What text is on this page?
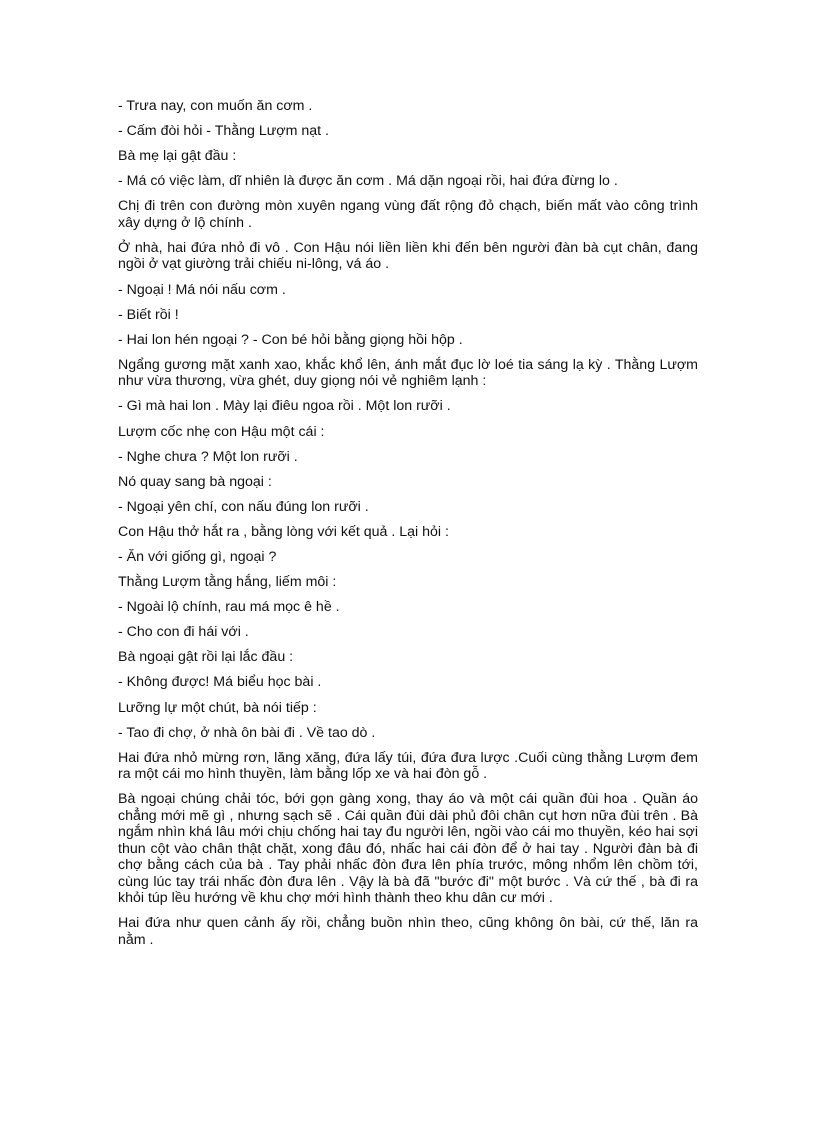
- Trưa nay, con muốn ăn cơm .

- Cấm đòi hỏi - Thằng Lượm nạt .

Bà mẹ lại gật đầu :

- Má có việc làm, dĩ nhiên là được ăn cơm . Má dặn ngoại rồi, hai đứa đừng lo .

Chị đi trên con đường mòn xuyên ngang vùng đất rộng đỏ chạch, biến mất vào công trình xây dựng ở lộ chính .

Ở nhà, hai đứa nhỏ đi vô . Con Hậu nói liền liền khi đến bên người đàn bà cụt chân, đang ngồi ở vạt giường trải chiếu ni-lông, vá áo .

- Ngoại ! Má nói nấu cơm .

- Biết rồi !

- Hai lon hén ngoại ? - Con bé hỏi bằng giọng hồi hộp .

Ngẩng gương mặt xanh xao, khắc khổ lên, ánh mắt đục lờ loé tia sáng lạ kỳ . Thằng Lượm như vừa thương, vừa ghét, duy giọng nói vẻ nghiêm lạnh :

- Gì mà hai lon . Mày lại điêu ngoa rồi . Một lon rưỡi .

Lượm cốc nhẹ con Hậu một cái :

- Nghe chưa ? Một lon rưỡi .

Nó quay sang bà ngoại :

- Ngoại yên chí, con nấu đúng lon rưỡi .

Con Hậu thở hắt ra , bằng lòng với kết quả . Lại hỏi :

- Ăn với giống gì, ngoại ?

Thằng Lượm tằng hắng, liếm môi :

- Ngoài lộ chính, rau má mọc ê hề .

- Cho con đi hái với .

Bà ngoại gật rồi lại lắc đầu :

- Không được! Má biểu học bài .

Lưỡng lự một chút, bà nói tiếp :

- Tao đi chợ, ở nhà ôn bài đi . Về tao dò .

Hai đứa nhỏ mừng rơn, lăng xăng, đứa lấy túi, đứa đưa lược .Cuối cùng thằng Lượm đem ra một cái mo hình thuyền, làm bằng lốp xe và hai đòn gỗ .

Bà ngoại chúng chải tóc, bới gọn gàng xong, thay áo và một cái quần đùi hoa . Quần áo chẳng mới mẽ gì , nhưng sạch sẽ . Cái quần đùi dài phủ đôi chân cụt hơn nữa đùi trên . Bà ngắm nhìn khá lâu mới chịu chống hai tay đu người lên, ngồi vào cái mo thuyền, kéo hai sợi thun cột vào chân thật chặt, xong đâu đó, nhấc hai cái đòn để ở hai tay . Người đàn bà đi chợ bằng cách của bà . Tay phải nhấc đòn đưa lên phía trước, mông nhổm lên chồm tới, cùng lúc tay trái nhấc đòn đưa lên . Vậy là bà đã "bước đi" một bước . Và cứ thế , bà đi ra khỏi túp lều hướng về khu chợ mới hình thành theo khu dân cư mới .

Hai đứa như quen cảnh ấy rồi, chẳng buồn nhìn theo, cũng không ôn bài, cứ thế, lăn ra nằm .
